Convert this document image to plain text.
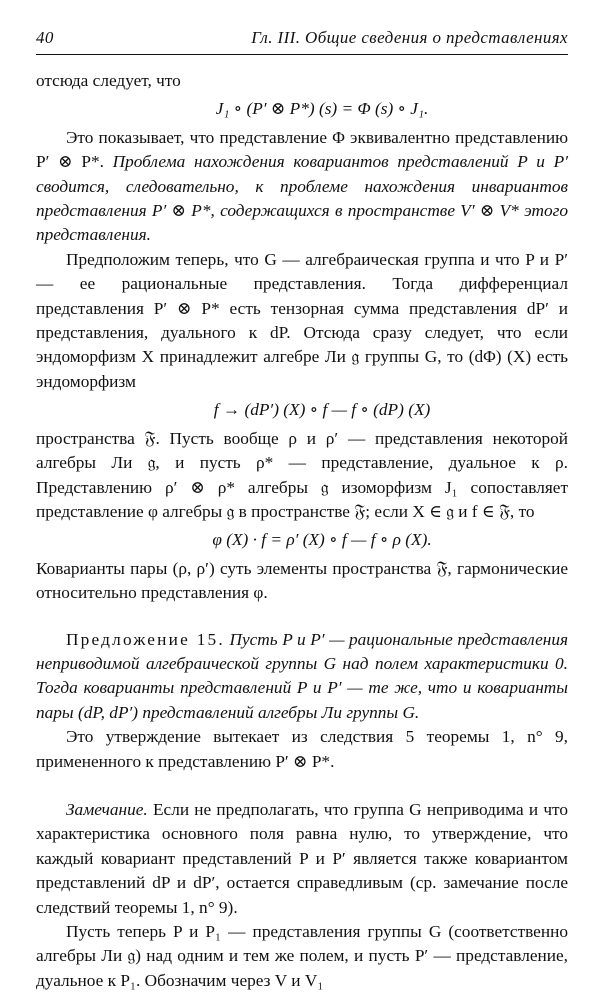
40	Гл. III. Общие сведения о представлениях

отсюда следует, что

J₁ ∘ (P′ ⊗ P*) (s) = Φ (s) ∘ J₁.

Это показывает, что представление Φ эквивалентно представлению P′ ⊗ P*. Проблема нахождения ковариантов представлений P и P′ сводится, следовательно, к проблеме нахождения инвариантов представления P′ ⊗ P*, содержащихся в пространстве V′ ⊗ V* этого представления.

Предположим теперь, что G — алгебраическая группа и что P и P′ — ее рациональные представления. Тогда дифференциал представления P′ ⊗ P* есть тензорная сумма представления dP′ и представления, дуального к dP. Отсюда сразу следует, что если эндоморфизм X принадлежит алгебре Ли 𝔤 группы G, то (dΦ) (X) есть эндоморфизм

f → (dP′) (X) ∘ f — f ∘ (dP) (X)

пространства 𝔉. Пусть вообще ρ и ρ′ — представления некоторой алгебры Ли 𝔤, и пусть ρ* — представление, дуальное к ρ. Представлению ρ′ ⊗ ρ* алгебры 𝔤 изоморфизм J₁ сопоставляет представление φ алгебры 𝔤 в пространстве 𝔉; если X ∈ 𝔤 и f ∈ 𝔉, то

φ (X) · f = ρ′ (X) ∘ f — f ∘ ρ (X).

Коварианты пары (ρ, ρ′) суть элементы пространства 𝔉, гармонические относительно представления φ.

Предложение 15. Пусть P и P′ — рациональные представления неприводимой алгебраической группы G над полем характеристики 0. Тогда коварианты представлений P и P′ — те же, что и коварианты пары (dP, dP′) представлений алгебры Ли группы G.

Это утверждение вытекает из следствия 5 теоремы 1, n° 9, примененного к представлению P′ ⊗ P*.

Замечание. Если не предполагать, что группа G неприводима и что характеристика основного поля равна нулю, то утверждение, что каждый ковариант представлений P и P′ является также ковариантом представлений dP и dP′, остается справедливым (ср. замечание после следствий теоремы 1, n° 9).

Пусть теперь P и P₁ — представления группы G (соответственно алгебры Ли 𝔤) над одним и тем же полем, и пусть P′ — представление, дуальное к P₁. Обозначим через V и V₁
